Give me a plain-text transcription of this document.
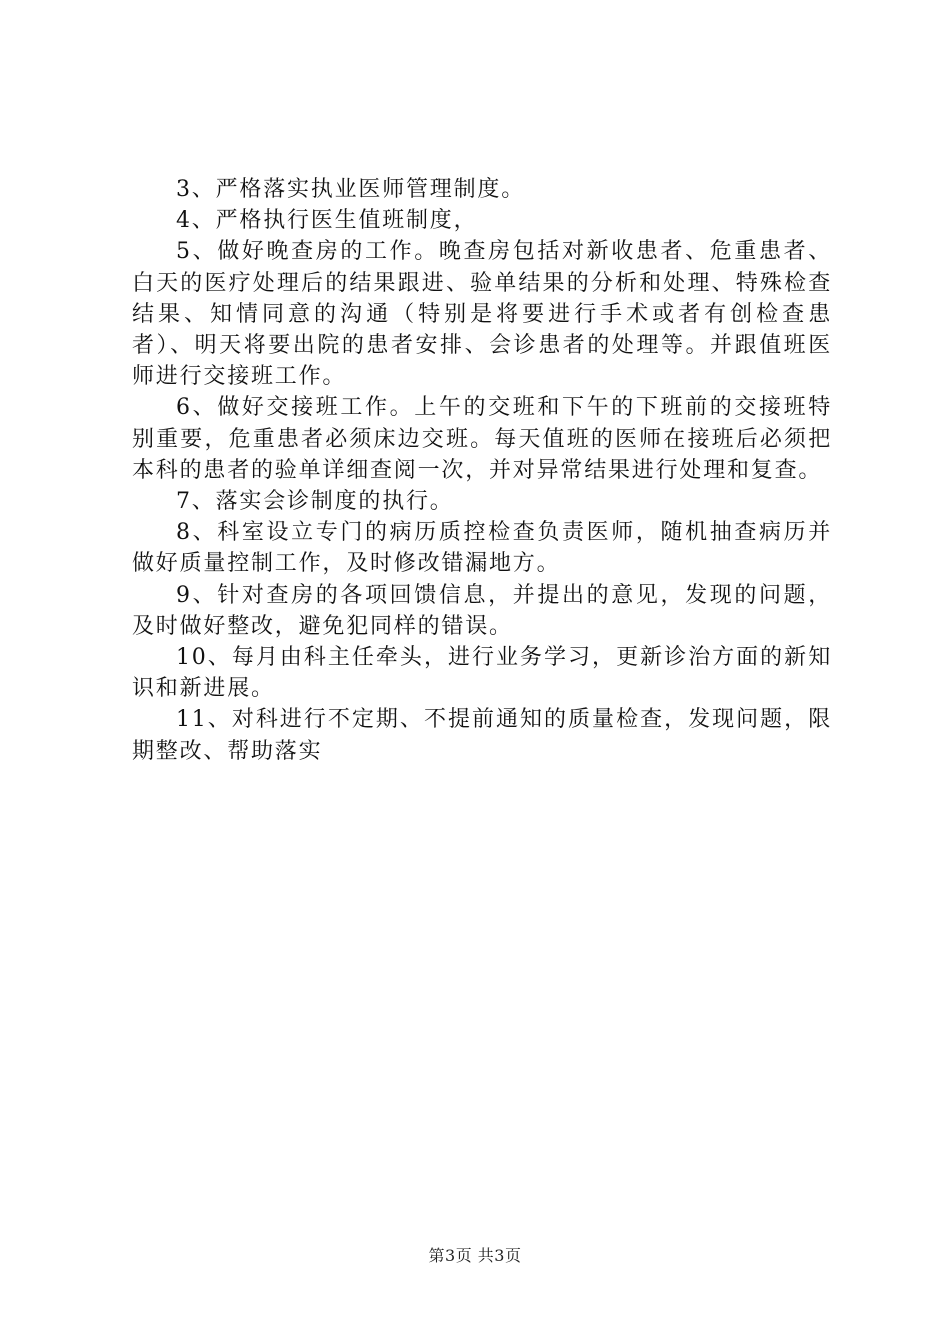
3、严格落实执业医师管理制度。

4、严格执行医生值班制度，

5、做好晚查房的工作。晚查房包括对新收患者、危重患者、白天的医疗处理后的结果跟进、验单结果的分析和处理、特殊检查结果、知情同意的沟通（特别是将要进行手术或者有创检查患者）、明天将要出院的患者安排、会诊患者的处理等。并跟值班医师进行交接班工作。

6、做好交接班工作。上午的交班和下午的下班前的交接班特别重要，危重患者必须床边交班。每天值班的医师在接班后必须把本科的患者的验单详细查阅一次，并对异常结果进行处理和复查。

7、落实会诊制度的执行。

8、科室设立专门的病历质控检查负责医师，随机抽查病历并做好质量控制工作，及时修改错漏地方。

9、针对查房的各项回馈信息，并提出的意见，发现的问题，及时做好整改，避免犯同样的错误。

10、每月由科主任牵头，进行业务学习，更新诊治方面的新知识和新进展。

11、对科进行不定期、不提前通知的质量检查，发现问题，限期整改、帮助落实

第3页 共3页
